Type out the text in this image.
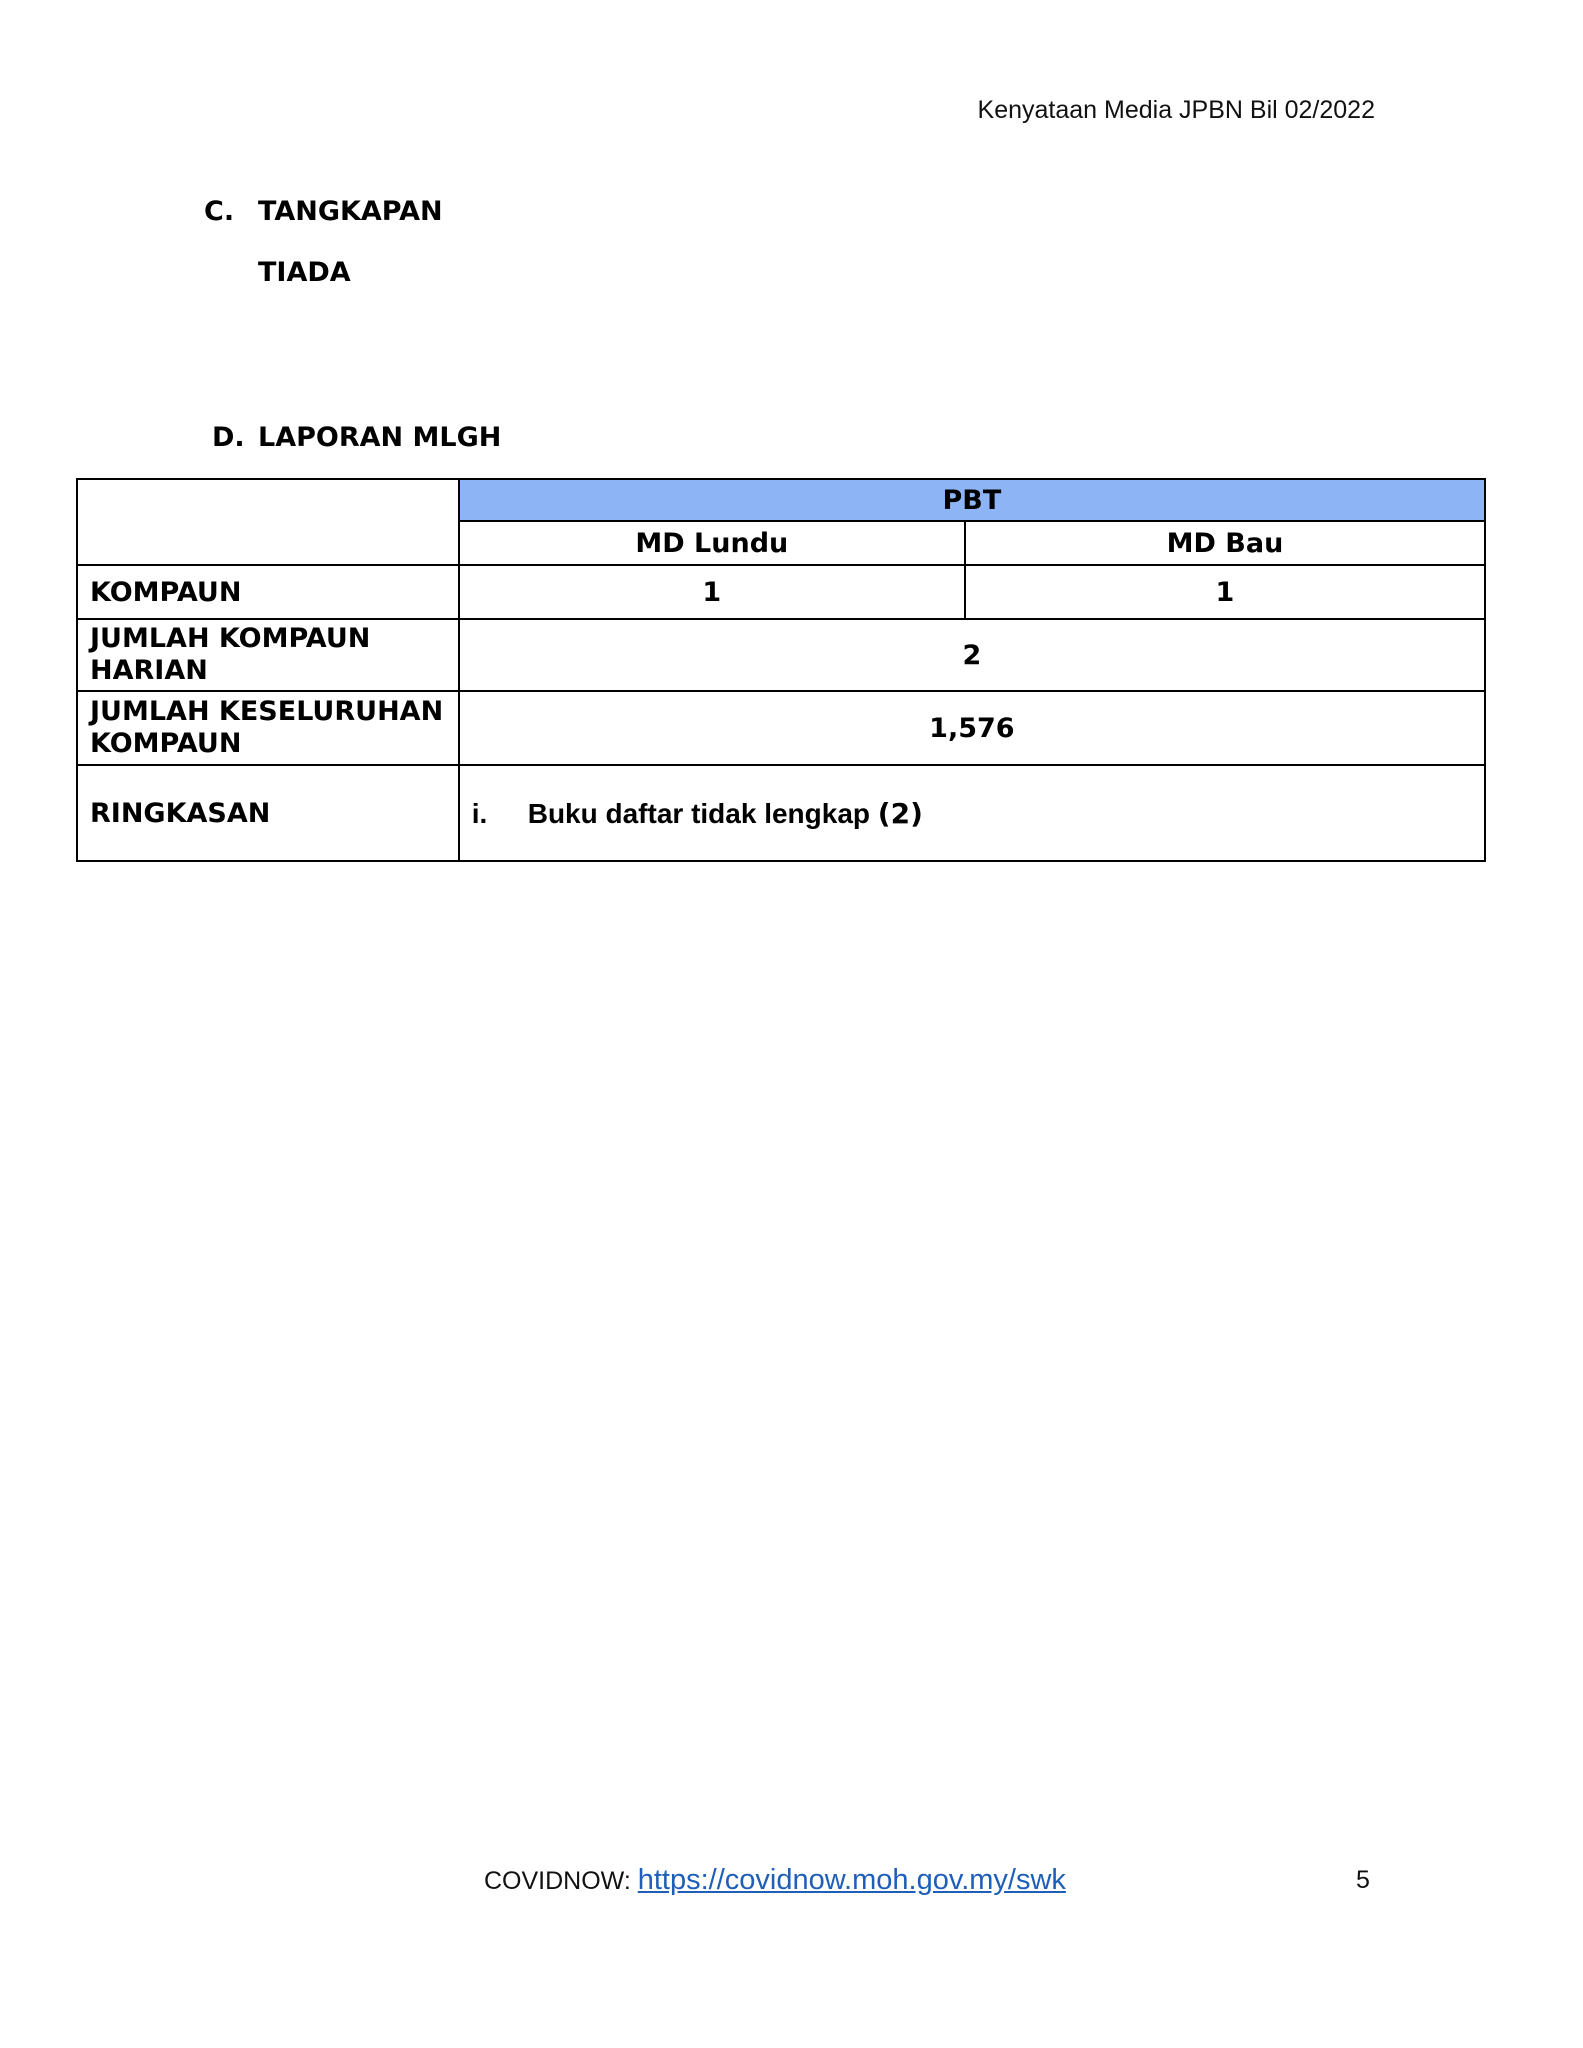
Kenyataan Media JPBN Bil 02/2022
C. TANGKAPAN
TIADA
D. LAPORAN MLGH
	PBT	
	MD Lundu	MD Bau
KOMPAUN	1	1
JUMLAH KOMPAUN
HARIAN	2	
JUMLAH KESELURUHAN
KOMPAUN	1,576	
RINGKASAN	i. Buku daftar tidak lengkap (2)	
COVIDNOW: https://covidnow.moh.gov.my/swk	5
